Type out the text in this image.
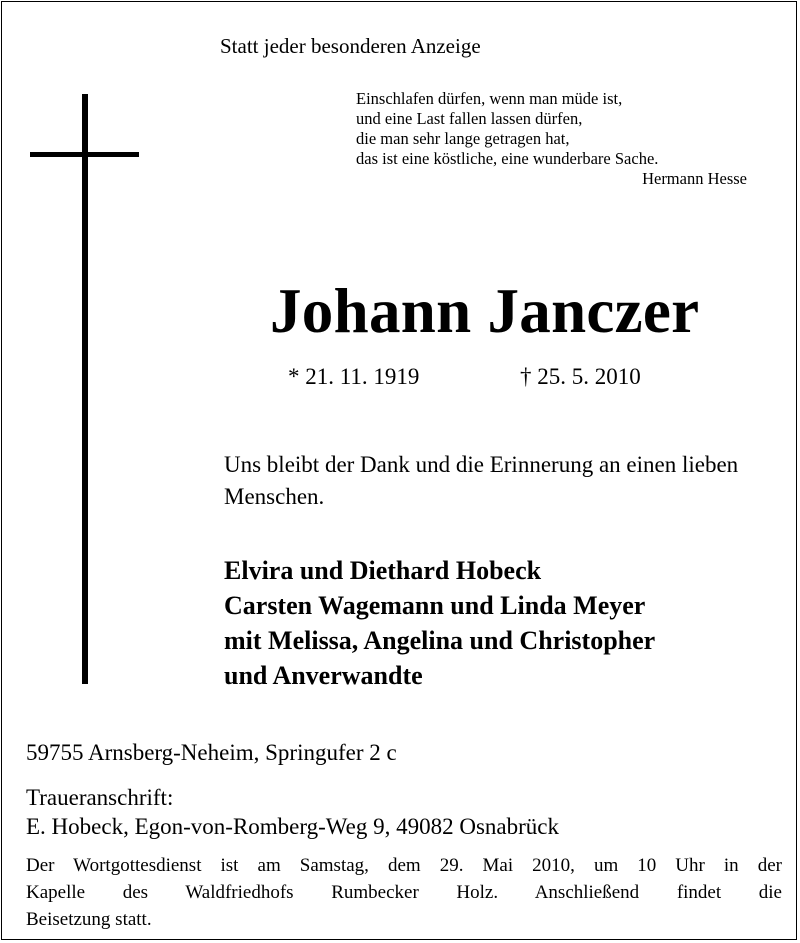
Statt jeder besonderen Anzeige
Einschlafen dürfen, wenn man müde ist,
und eine Last fallen lassen dürfen,
die man sehr lange getragen hat,
das ist eine köstliche, eine wunderbare Sache.
Hermann Hesse
Johann Janczer
* 21. 11. 1919	† 25. 5. 2010
Uns bleibt der Dank und die Erinnerung an einen lieben Menschen.
Elvira und Diethard Hobeck
Carsten Wagemann und Linda Meyer
mit Melissa, Angelina und Christopher
und Anverwandte
59755 Arnsberg-Neheim, Springufer 2 c
Traueranschrift:
E. Hobeck, Egon-von-Romberg-Weg 9, 49082 Osnabrück
Der Wortgottesdienst ist am Samstag, dem 29. Mai 2010, um 10 Uhr in der
Kapelle des Waldfriedhofs Rumbecker Holz. Anschließend findet die
Beisetzung statt.
